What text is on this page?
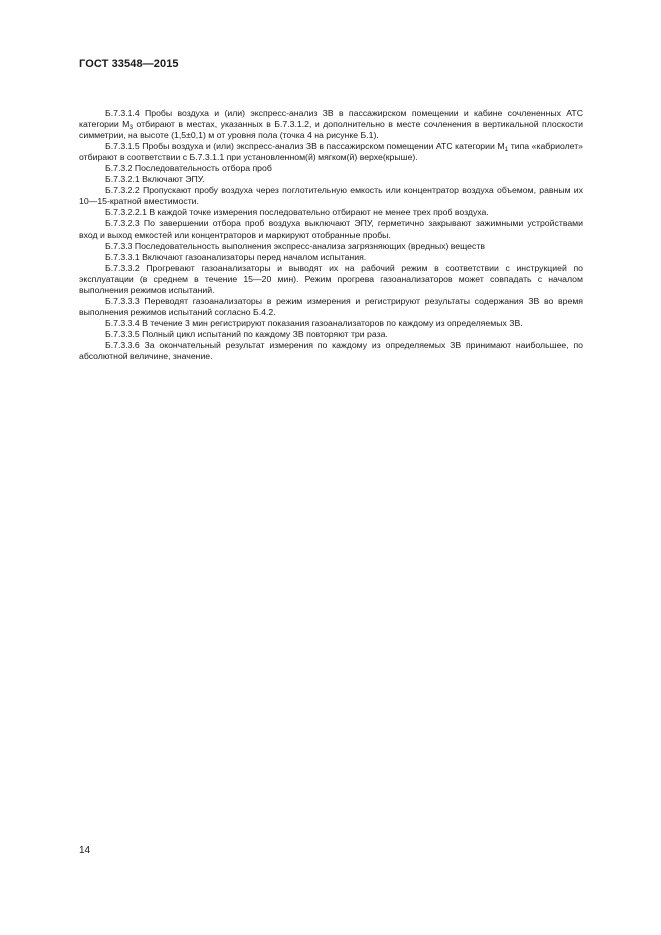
ГОСТ 33548—2015

Б.7.3.1.4 Пробы воздуха и (или) экспресс-анализ ЗВ в пассажирском помещении и кабине сочлененных АТС категории $М_3$ отбирают в местах, указанных в Б.7.3.1.2, и дополнительно в месте сочленения в вертикальной плоскости симметрии, на высоте (1,5±0,1) м от уровня пола (точка 4 на рисунке Б.1).

Б.7.3.1.5 Пробы воздуха и (или) экспресс-анализ ЗВ в пассажирском помещении АТС категории $М_1$ типа «кабриолет» отбирают в соответствии с Б.7.3.1.1 при установленном(й) мягком(й) верхе(крыше).

Б.7.3.2 Последовательность отбора проб

Б.7.3.2.1 Включают ЭПУ.

Б.7.3.2.2 Пропускают пробу воздуха через поглотительную емкость или концентратор воздуха объемом, равным их 10—15-кратной вместимости.

Б.7.3.2.2.1 В каждой точке измерения последовательно отбирают не менее трех проб воздуха.

Б.7.3.2.3 По завершении отбора проб воздуха выключают ЭПУ, герметично закрывают зажимными устройствами вход и выход емкостей или концентраторов и маркируют отобранные пробы.

Б.7.3.3 Последовательность выполнения экспресс-анализа загрязняющих (вредных) веществ

Б.7.3.3.1 Включают газоанализаторы перед началом испытания.

Б.7.3.3.2 Прогревают газоанализаторы и выводят их на рабочий режим в соответствии с инструкцией по эксплуатации (в среднем в течение 15—20 мин). Режим прогрева газоанализаторов может совпадать с началом выполнения режимов испытаний.

Б.7.3.3.3 Переводят газоанализаторы в режим измерения и регистрируют результаты содержания ЗВ во время выполнения режимов испытаний согласно Б.4.2.

Б.7.3.3.4 В течение 3 мин регистрируют показания газоанализаторов по каждому из определяемых ЗВ.

Б.7.3.3.5 Полный цикл испытаний по каждому ЗВ повторяют три раза.

Б.7.3.3.6 За окончательный результат измерения по каждому из определяемых ЗВ принимают наибольшее, по абсолютной величине, значение.

14
